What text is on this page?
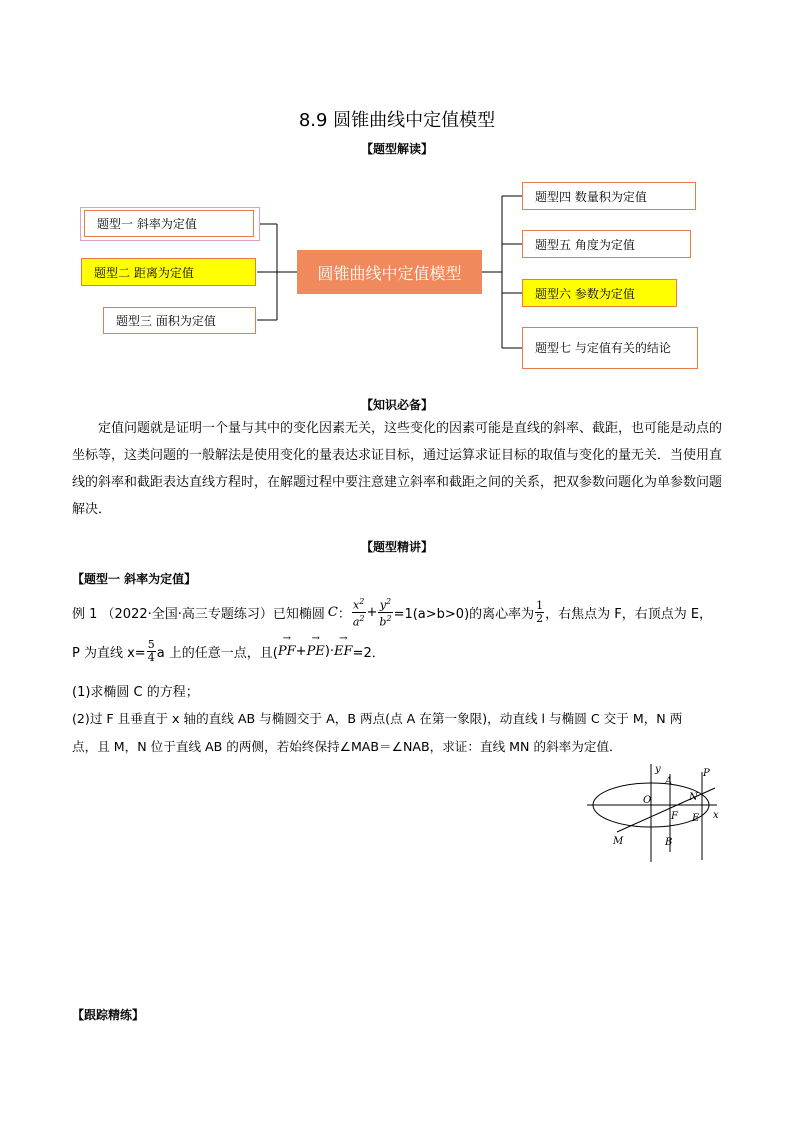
8.9 圆锥曲线中定值模型
【题型解读】
题型一 斜率为定值
题型二 距离为定值
题型三 面积为定值
圆锥曲线中定值模型
题型四 数量积为定值
题型五 角度为定值
题型六 参数为定值
题型七 与定值有关的结论
【知识必备】
定值问题就是证明一个量与其中的变化因素无关，这些变化的因素可能是直线的斜率、截距，也可能是动点的坐标等，这类问题的一般解法是使用变化的量表达求证目标，通过运算求证目标的取值与变化的量无关．当使用直线的斜率和截距表达直线方程时，在解题过程中要注意建立斜率和截距之间的关系，把双参数问题化为单参数问题解决．
【题型精讲】
【题型一 斜率为定值】
例 1 （2022·全国·高三专题练习）已知椭圆 C ： $\frac{x^2}{a^2} + \frac{y^2}{b^2} =1(a>b>0)$的离心率为 $\frac{1}{2}$ ，右焦点为 F，右顶点为 E，
P 为直线 $x= \frac{5}{4}$ a 上的任意一点，且( → PF + → PE )· → EF =2．
(1)求椭圆 C 的方程；
(2)过 F 且垂直于 x 轴的直线 AB 与椭圆交于 A，B 两点(点 A 在第一象限)，动直线 l 与椭圆 C 交于 M，N 两
点，且 M，N 位于直线 AB 的两侧，若始终保持∠MAB＝∠NAB，求证：直线 MN 的斜率为定值．
y
x
O
A
B
F E
N
M
P
【跟踪精练】
